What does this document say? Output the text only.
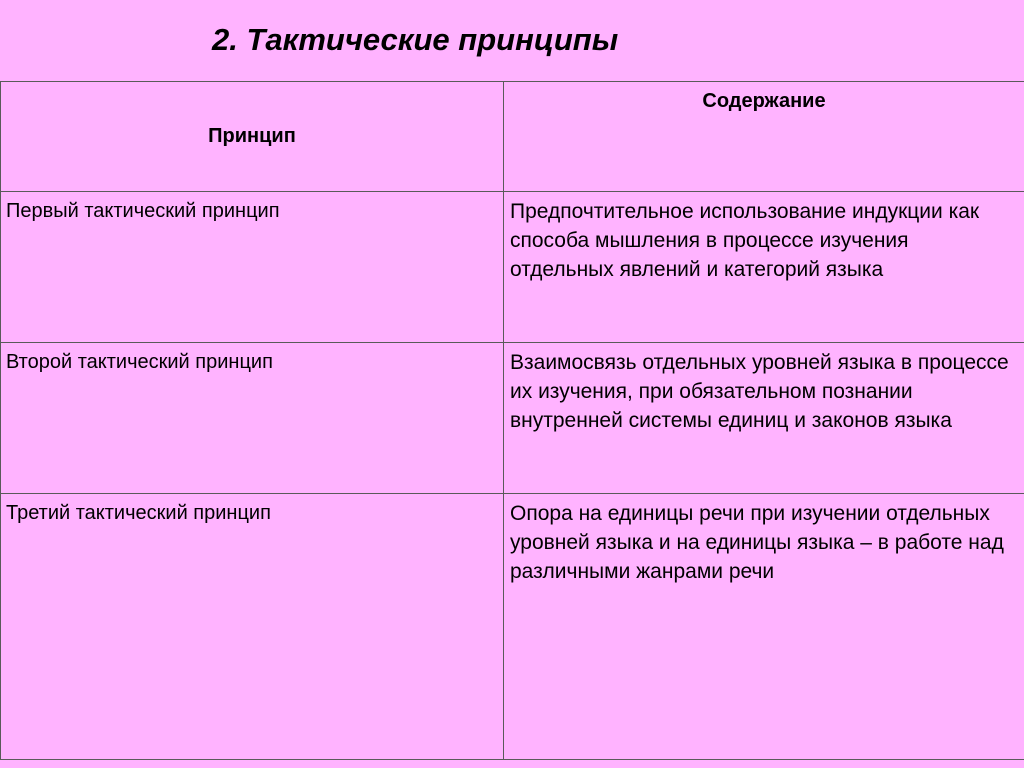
2. Тактические принципы
Принцип	Содержание
Первый тактический принцип	Предпочтительное использование индукции как способа мышления в процессе изучения отдельных явлений и категорий языка
Второй тактический принцип	Взаимосвязь отдельных уровней языка в процессе их изучения, при обязательном познании внутренней системы единиц и законов языка
Третий тактический принцип	Опора на единицы речи при изучении отдельных уровней языка и на единицы языка – в работе над различными жанрами речи
